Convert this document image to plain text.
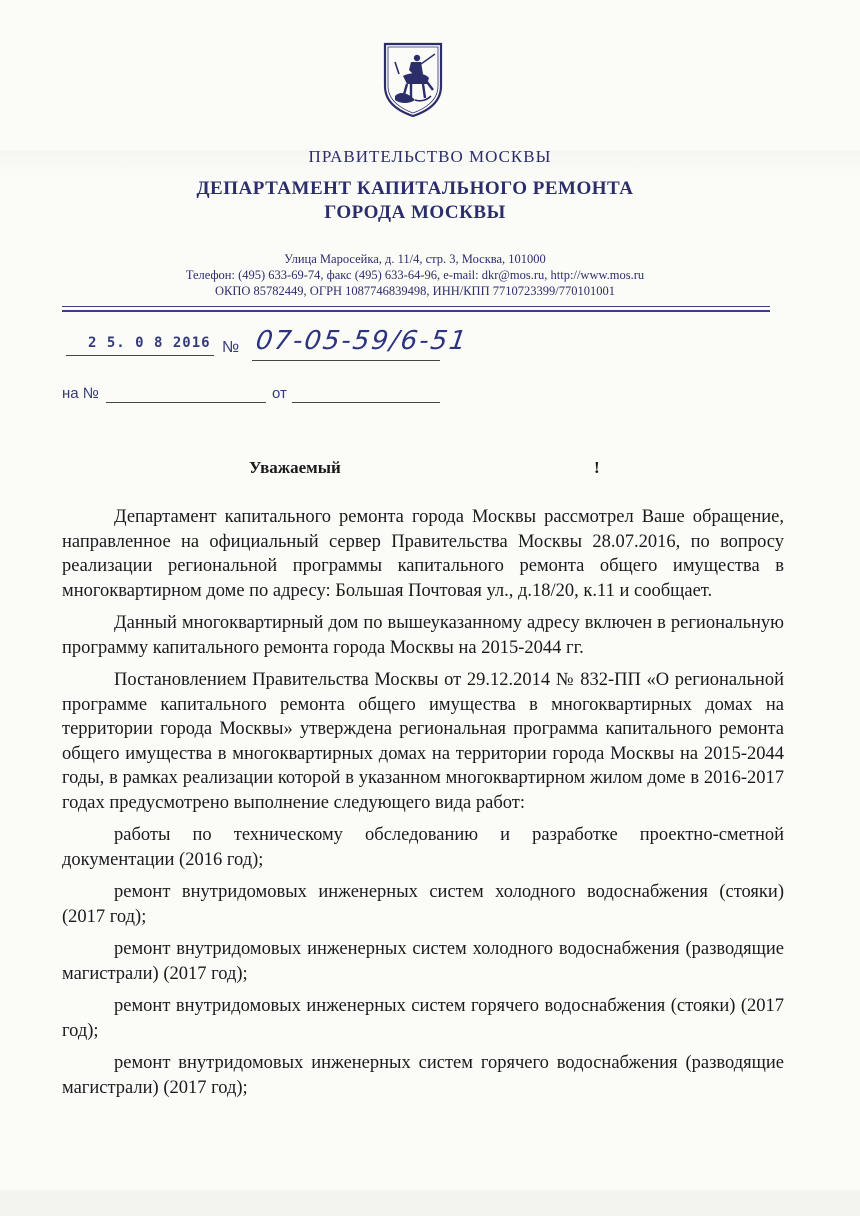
ПРАВИТЕЛЬСТВО МОСКВЫ
ДЕПАРТАМЕНТ КАПИТАЛЬНОГО РЕМОНТА
ГОРОДА МОСКВЫ
Улица Маросейка, д. 11/4, стр. 3, Москва, 101000
Телефон: (495) 633-69-74, факс (495) 633-64-96, e-mail: dkr@mos.ru, http://www.mos.ru
ОКПО 85782449, ОГРН 1087746839498, ИНН/КПП 7710723399/770101001
2 5. 0 8 2016 № 07-05-59/6-51
на №	от
Уважаемый	!

Департамент капитального ремонта города Москвы рассмотрел Ваше обращение, направленное на официальный сервер Правительства Москвы 28.07.2016, по вопросу реализации региональной программы капитального ремонта общего имущества в многоквартирном доме по адресу: Большая Почтовая ул., д.18/20, к.11 и сообщает.

Данный многоквартирный дом по вышеуказанному адресу включен в региональную программу капитального ремонта города Москвы на 2015-2044 гг.

Постановлением Правительства Москвы от 29.12.2014 № 832-ПП «О региональной программе капитального ремонта общего имущества в многоквартирных домах на территории города Москвы» утверждена региональная программа капитального ремонта общего имущества в многоквартирных домах на территории города Москвы на 2015-2044 годы, в рамках реализации которой в указанном многоквартирном жилом доме в 2016-2017 годах предусмотрено выполнение следующего вида работ:

работы по техническому обследованию и разработке проектно-сметной документации (2016 год);

ремонт внутридомовых инженерных систем холодного водоснабжения (стояки) (2017 год);

ремонт внутридомовых инженерных систем холодного водоснабжения (разводящие магистрали) (2017 год);

ремонт внутридомовых инженерных систем горячего водоснабжения (стояки) (2017 год);

ремонт внутридомовых инженерных систем горячего водоснабжения (разводящие магистрали) (2017 год);
